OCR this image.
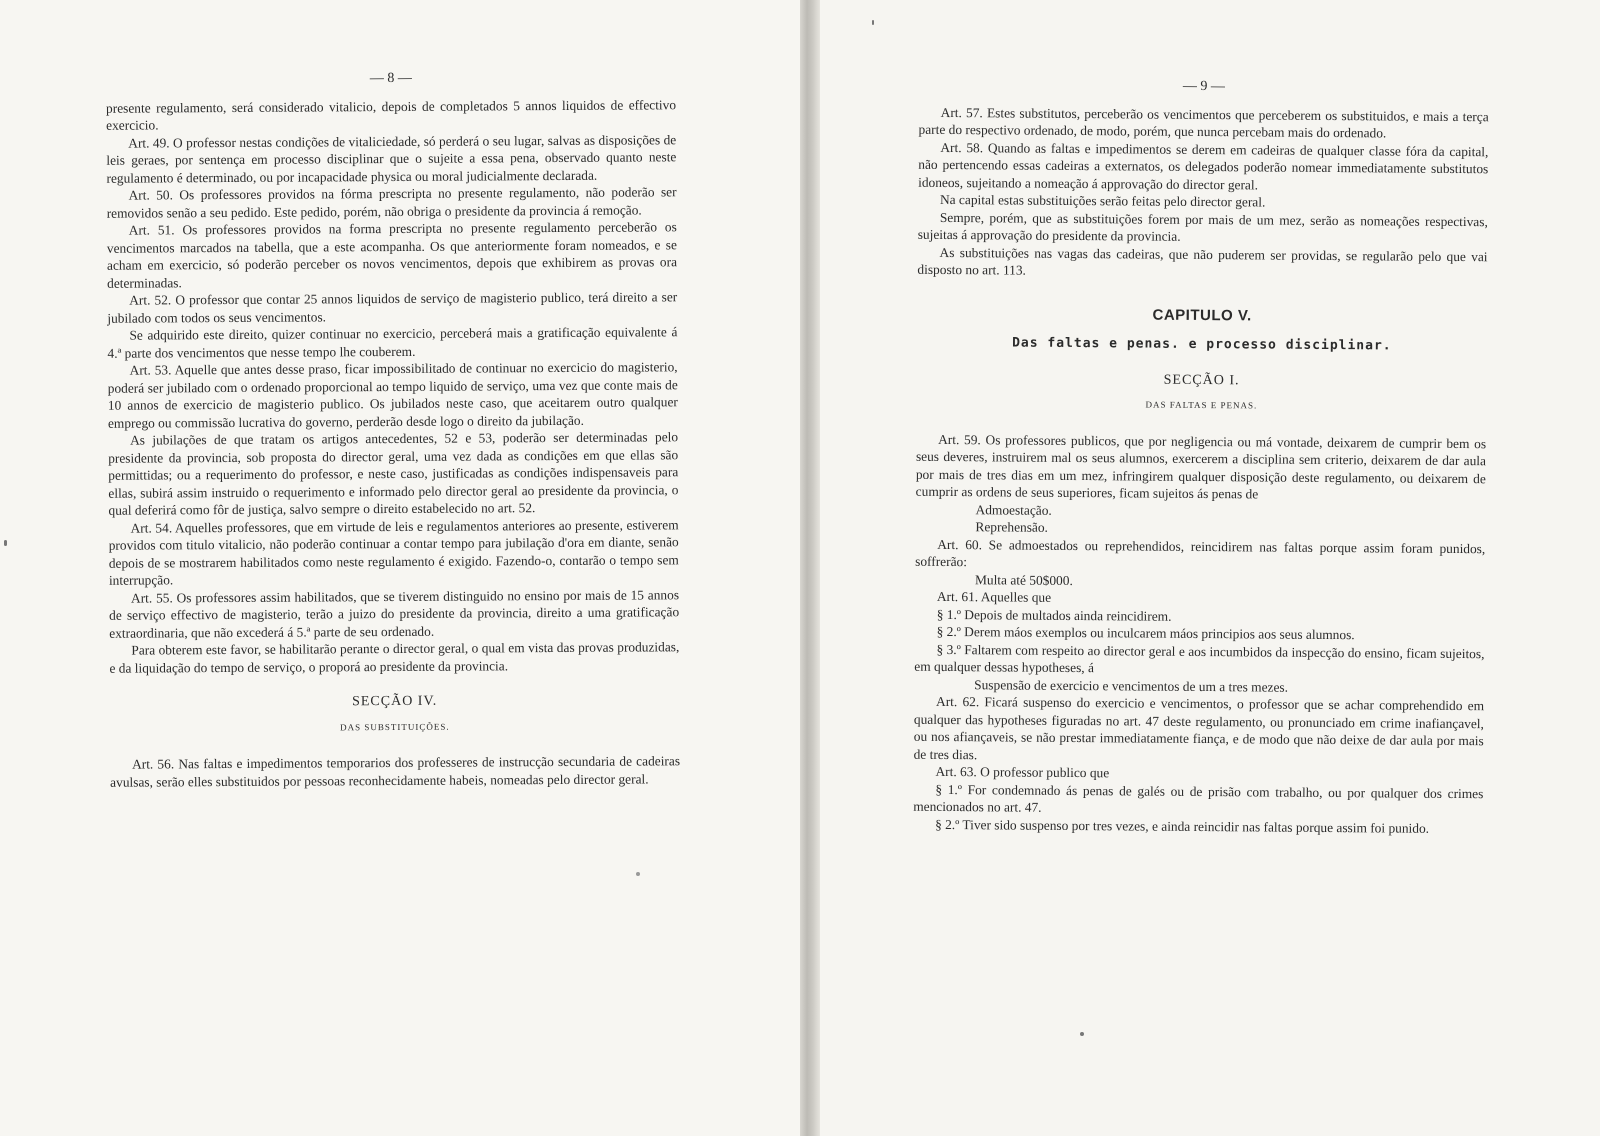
— 8 —

presente regulamento, será considerado vitalicio, depois de completados 5 annos liquidos de effectivo exercicio.

Art. 49. O professor nestas condições de vitaliciedade, só perderá o seu lugar, salvas as disposições de leis geraes, por sentença em processo disciplinar que o sujeite a essa pena, observado quanto neste regulamento é determinado, ou por incapacidade physica ou moral judicialmente declarada.

Art. 50. Os professores providos na fórma prescripta no presente regulamento, não poderão ser removidos senão a seu pedido. Este pedido, porém, não obriga o presidente da provincia á remoção.

Art. 51. Os professores providos na forma prescripta no presente regulamento perceberão os vencimentos marcados na tabella, que a este acompanha. Os que anteriormente foram nomeados, e se acham em exercicio, só poderão perceber os novos vencimentos, depois que exhibirem as provas ora determinadas.

Art. 52. O professor que contar 25 annos liquidos de serviço de magisterio publico, terá direito a ser jubilado com todos os seus vencimentos.

Se adquirido este direito, quizer continuar no exercicio, perceberá mais a gratificação equivalente á 4.ª parte dos vencimentos que nesse tempo lhe couberem.

Art. 53. Aquelle que antes desse praso, ficar impossibilitado de continuar no exercicio do magisterio, poderá ser jubilado com o ordenado proporcional ao tempo liquido de serviço, uma vez que conte mais de 10 annos de exercicio de magisterio publico. Os jubilados neste caso, que aceitarem outro qualquer emprego ou commissão lucrativa do governo, perderão desde logo o direito da jubilação.

As jubilações de que tratam os artigos antecedentes, 52 e 53, poderão ser determinadas pelo presidente da provincia, sob proposta do director geral, uma vez dada as condições em que ellas são permittidas; ou a requerimento do professor, e neste caso, justificadas as condições indispensaveis para ellas, subirá assim instruido o requerimento e informado pelo director geral ao presidente da provincia, o qual deferirá como fôr de justiça, salvo sempre o direito estabelecido no art. 52.

Art. 54. Aquelles professores, que em virtude de leis e regulamentos anteriores ao presente, estiverem providos com titulo vitalicio, não poderão continuar a contar tempo para jubilação d'ora em diante, senão depois de se mostrarem habilitados como neste regulamento é exigido. Fazendo-o, contarão o tempo sem interrupção.

Art. 55. Os professores assim habilitados, que se tiverem distinguido no ensino por mais de 15 annos de serviço effectivo de magisterio, terão a juizo do presidente da provincia, direito a uma gratificação extraordinaria, que não excederá á 5.ª parte de seu ordenado.

Para obterem este favor, se habilitarão perante o director geral, o qual em vista das provas produzidas, e da liquidação do tempo de serviço, o proporá ao presidente da provincia.

SECÇÃO IV.
DAS SUBSTITUIÇÕES.

Art. 56. Nas faltas e impedimentos temporarios dos professeres de instrucção secundaria de cadeiras avulsas, serão elles substituidos por pessoas reconhecidamente habeis, nomeadas pelo director geral.

— 9 —

Art. 57. Estes substitutos, perceberão os vencimentos que perceberem os substituidos, e mais a terça parte do respectivo ordenado, de modo, porém, que nunca percebam mais do ordenado.

Art. 58. Quando as faltas e impedimentos se derem em cadeiras de qualquer classe fóra da capital, não pertencendo essas cadeiras a externatos, os delegados poderão nomear immediatamente substitutos idoneos, sujeitando a nomeação á approvação do director geral.

Na capital estas substituições serão feitas pelo director geral.

Sempre, porém, que as substituições forem por mais de um mez, serão as nomeações respectivas, sujeitas á approvação do presidente da provincia.

As substituições nas vagas das cadeiras, que não puderem ser providas, se regularão pelo que vai disposto no art. 113.

CAPITULO V.
Das faltas e penas. e processo disciplinar.
SECÇÃO I.
DAS FALTAS E PENAS.

Art. 59. Os professores publicos, que por negligencia ou má vontade, deixarem de cumprir bem os seus deveres, instruirem mal os seus alumnos, exercerem a disciplina sem criterio, deixarem de dar aula por mais de tres dias em um mez, infringirem qualquer disposição deste regulamento, ou deixarem de cumprir as ordens de seus superiores, ficam sujeitos ás penas de

Admoestação.

Reprehensão.

Art. 60. Se admoestados ou reprehendidos, reincidirem nas faltas porque assim foram punidos, soffrerão:

Multa até 50$000.

Art. 61. Aquelles que

§ 1.º Depois de multados ainda reincidirem.

§ 2.º Derem máos exemplos ou inculcarem máos principios aos seus alumnos.

§ 3.º Faltarem com respeito ao director geral e aos incumbidos da inspecção do ensino, ficam sujeitos, em qualquer dessas hypotheses, á

Suspensão de exercicio e vencimentos de um a tres mezes.

Art. 62. Ficará suspenso do exercicio e vencimentos, o professor que se achar comprehendido em qualquer das hypotheses figuradas no art. 47 deste regulamento, ou pronunciado em crime inafiançavel, ou nos afiançaveis, se não prestar immediatamente fiança, e de modo que não deixe de dar aula por mais de tres dias.

Art. 63. O professor publico que

§ 1.º For condemnado ás penas de galés ou de prisão com trabalho, ou por qualquer dos crimes mencionados no art. 47.

§ 2.º Tiver sido suspenso por tres vezes, e ainda reincidir nas faltas porque assim foi punido.
